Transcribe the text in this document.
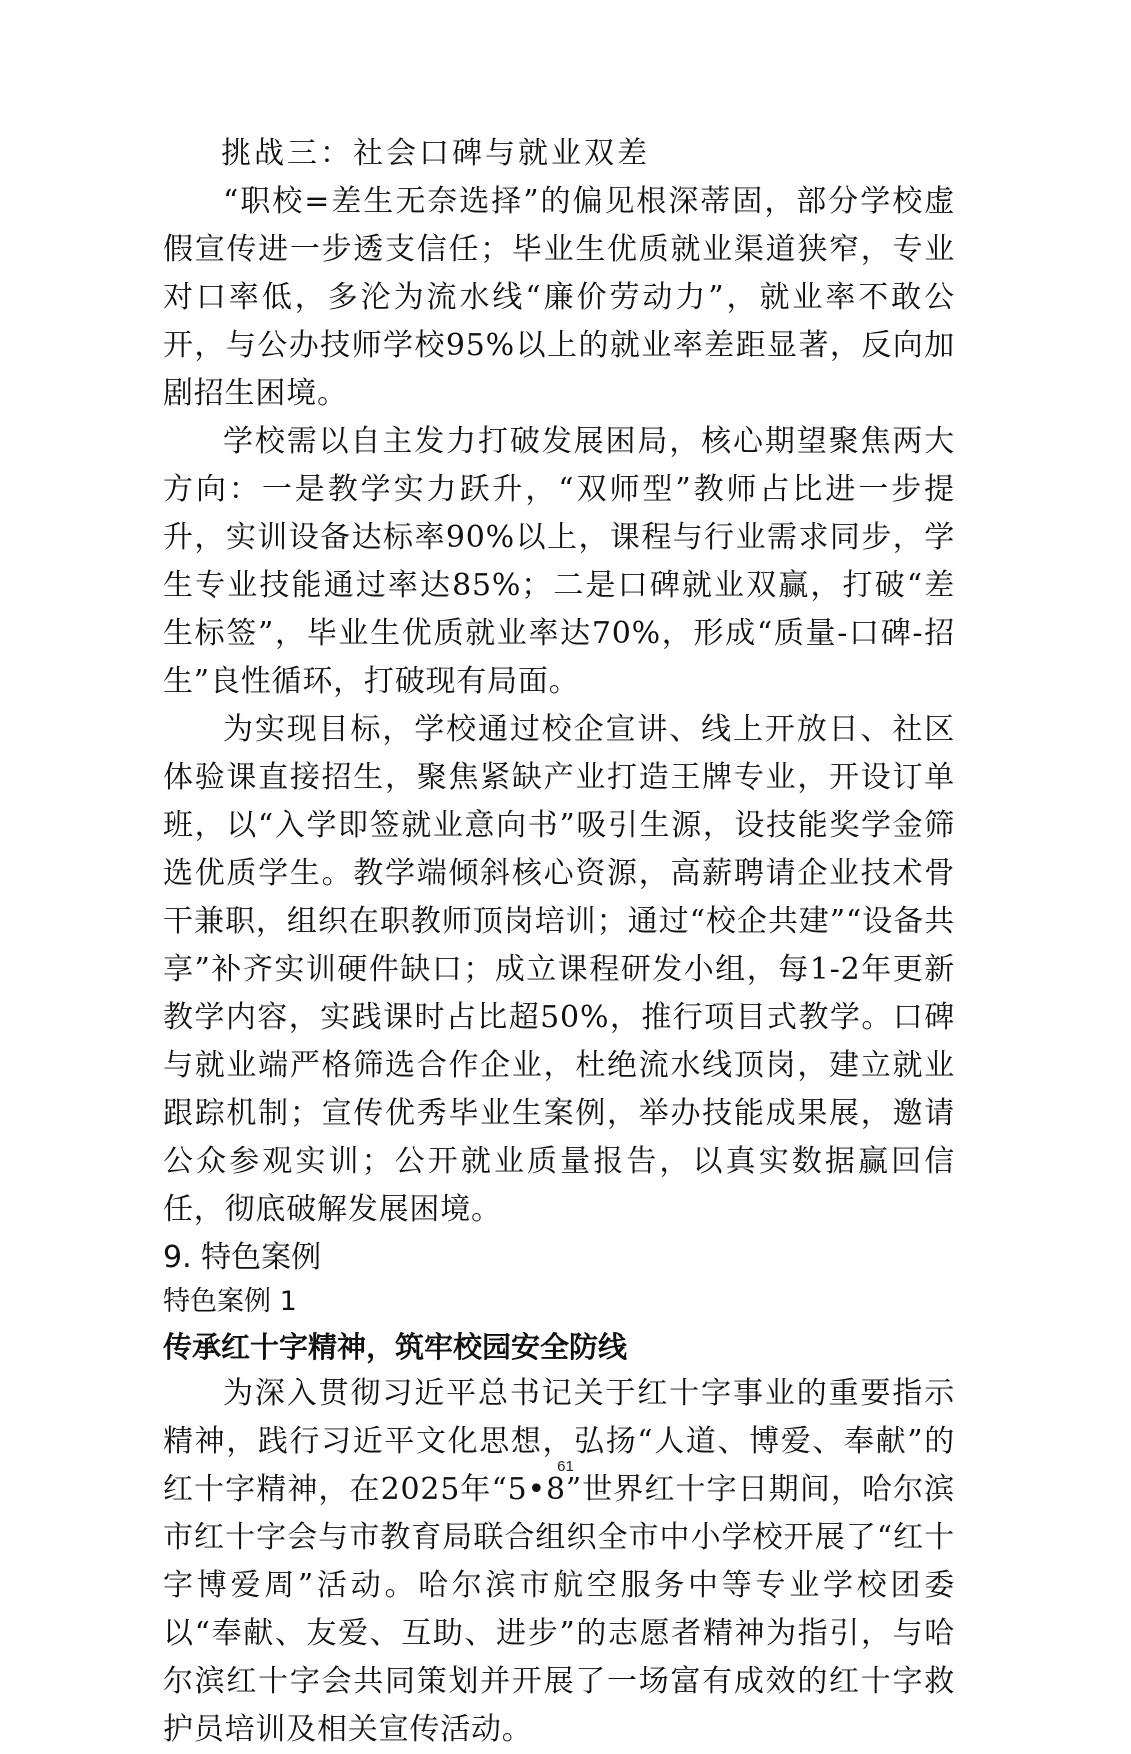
挑战三：社会口碑与就业双差

“职校=差生无奈选择”的偏见根深蒂固，部分学校虚假宣传进一步透支信任；毕业生优质就业渠道狭窄，专业对口率低，多沦为流水线“廉价劳动力”，就业率不敢公开，与公办技师学校95%以上的就业率差距显著，反向加剧招生困境。

学校需以自主发力打破发展困局，核心期望聚焦两大方向：一是教学实力跃升，“双师型”教师占比进一步提升，实训设备达标率90%以上，课程与行业需求同步，学生专业技能通过率达85%；二是口碑就业双赢，打破“差生标签”，毕业生优质就业率达70%，形成“质量-口碑-招生”良性循环，打破现有局面。

为实现目标，学校通过校企宣讲、线上开放日、社区体验课直接招生，聚焦紧缺产业打造王牌专业，开设订单班，以“入学即签就业意向书”吸引生源，设技能奖学金筛选优质学生。教学端倾斜核心资源，高薪聘请企业技术骨干兼职，组织在职教师顶岗培训；通过“校企共建”“设备共享”补齐实训硬件缺口；成立课程研发小组，每1-2年更新教学内容，实践课时占比超50%，推行项目式教学。口碑与就业端严格筛选合作企业，杜绝流水线顶岗，建立就业跟踪机制；宣传优秀毕业生案例，举办技能成果展，邀请公众参观实训；公开就业质量报告，以真实数据赢回信任，彻底破解发展困境。

9. 特色案例

特色案例 1

传承红十字精神，筑牢校园安全防线

为深入贯彻习近平总书记关于红十字事业的重要指示精神，践行习近平文化思想，弘扬“人道、博爱、奉献”的红十字精神，在2025年“5•8”世界红十字日期间，哈尔滨市红十字会与市教育局联合组织全市中小学校开展了“红十字博爱周”活动。哈尔滨市航空服务中等专业学校团委以“奉献、友爱、互助、进步”的志愿者精神为指引，与哈尔滨红十字会共同策划并开展了一场富有成效的红十字救护员培训及相关宣传活动。

61
